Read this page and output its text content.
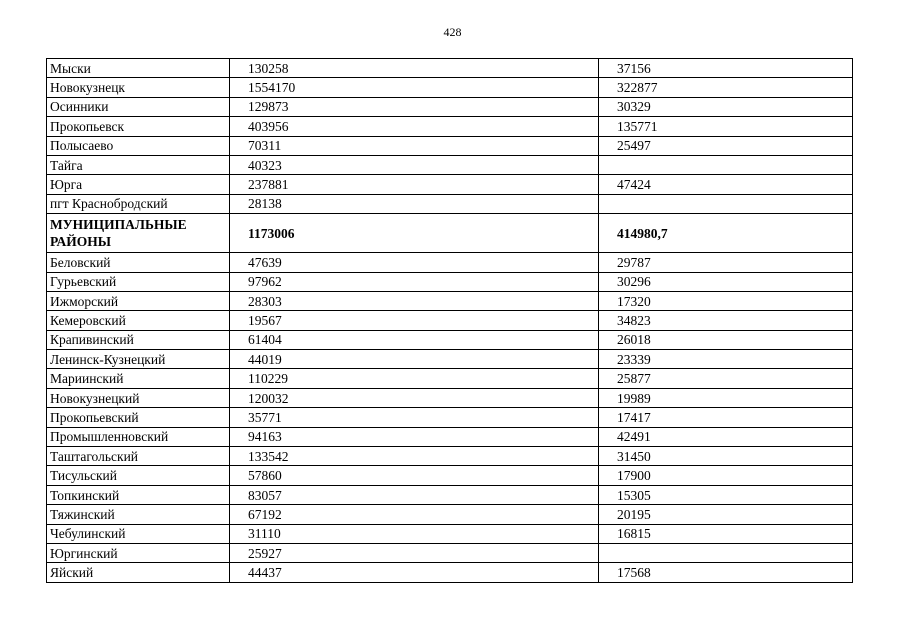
428
Мыски	130258	37156
Новокузнецк	1554170	322877
Осинники	129873	30329
Прокопьевск	403956	135771
Полысаево	70311	25497
Тайга	40323	
Юрга	237881	47424
пгт Краснобродский	28138	
МУНИЦИПАЛЬНЫЕ РАЙОНЫ	1173006	414980,7
Беловский	47639	29787
Гурьевский	97962	30296
Ижморский	28303	17320
Кемеровский	19567	34823
Крапивинский	61404	26018
Ленинск-Кузнецкий	44019	23339
Мариинский	110229	25877
Новокузнецкий	120032	19989
Прокопьевский	35771	17417
Промышленновский	94163	42491
Таштагольский	133542	31450
Тисульский	57860	17900
Топкинский	83057	15305
Тяжинский	67192	20195
Чебулинский	31110	16815
Юргинский	25927	
Яйский	44437	17568
